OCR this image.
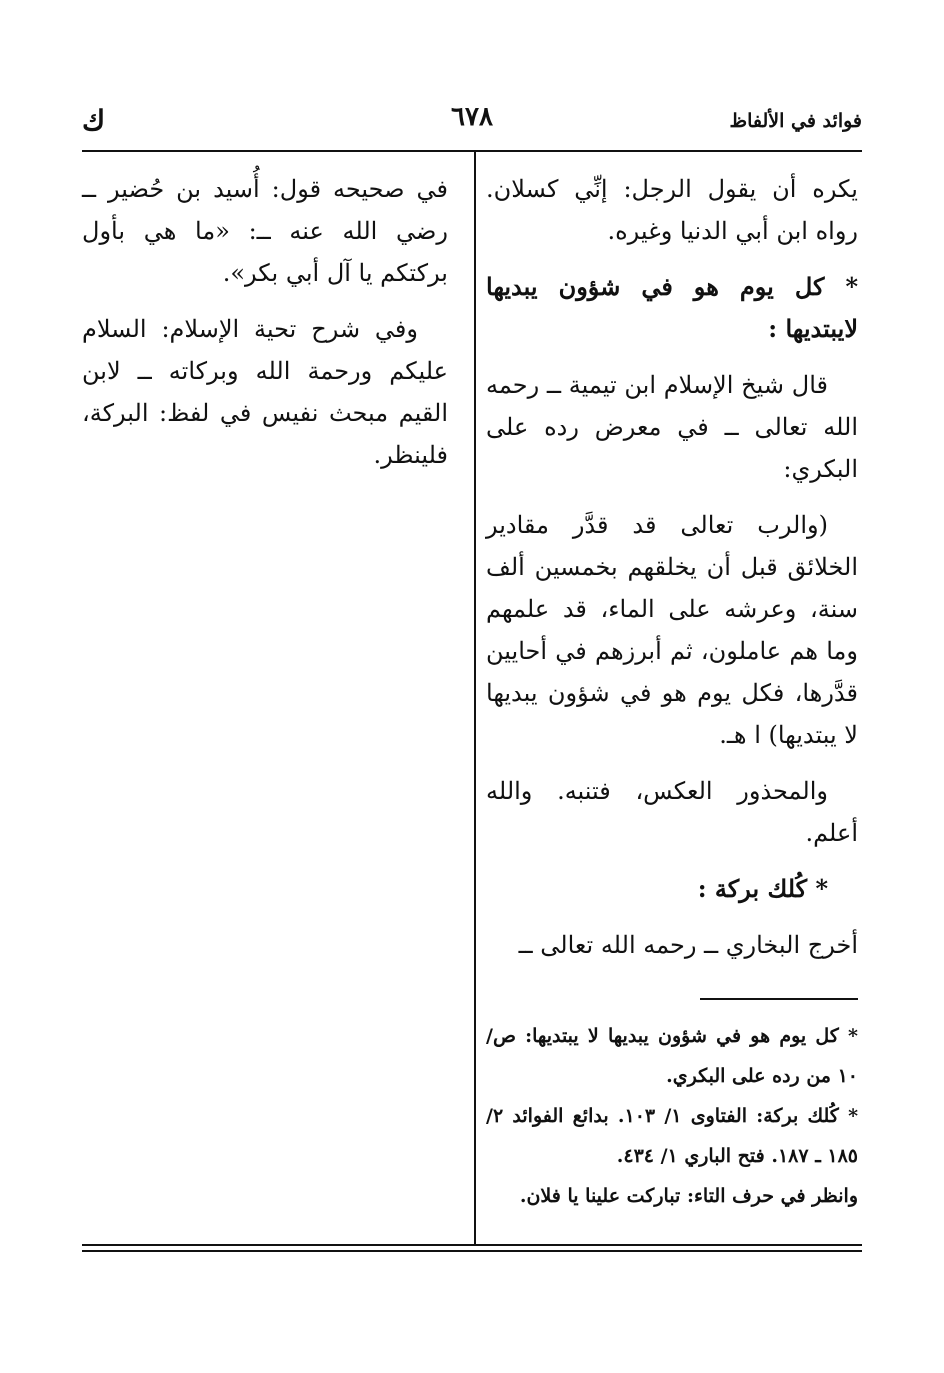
فوائد في الألفاظ
٦٧٨
ك

يكره أن يقول الرجل: إنِّي كسلان. رواه ابن أبي الدنيا وغيره.

* كل يوم هو في شؤون يبديها لايبتديها :

قال شيخ الإسلام ابن تيمية ــ رحمه الله تعالى ــ في معرض رده على البكري:

(والرب تعالى قد قدَّر مقادير الخلائق قبل أن يخلقهم بخمسين ألف سنة، وعرشه على الماء، قد علمهم وما هم عاملون، ثم أبرزهم في أحايين قدَّرها، فكل يوم هو في شؤون يبديها لا يبتديها) ا هـ.

والمحذور العكس، فتنبه. والله أعلم.

* كُلك بركة :

أخرج البخاري ــ رحمه الله تعالى ــ

في صحيحه قول: أُسيد بن حُضير ــ رضي الله عنه ــ: «ما هي بأول بركتكم يا آل أبي بكر».

وفي شرح تحية الإسلام: السلام عليكم ورحمة الله وبركاته ــ لابن القيم مبحث نفيس في لفظ: البركة، فلينظر.

* كل يوم هو في شؤون يبديها لا يبتديها: ص/ ١٠ من رده على البكري.

* كُلك بركة: الفتاوى ١/ ١٠٣. بدائع الفوائد ٢/ ١٨٥ ـ ١٨٧. فتح الباري ١/ ٤٣٤.

وانظر في حرف التاء: تباركت علينا يا فلان.
